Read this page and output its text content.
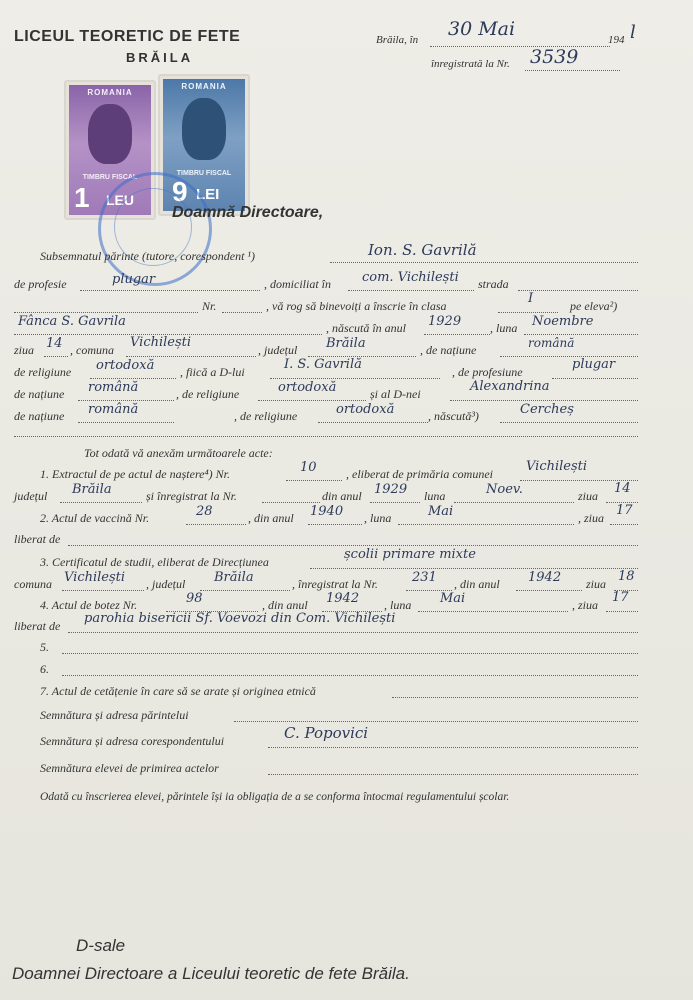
LICEUL TEORETIC DE FETE
BRĂILA
Brăila, în 30 Mai	194 l
înregistrată la Nr. 3539
ROMANIA
TIMBRU FISCAL
1 LEU
ROMANIA
TIMBRU FISCAL
9 LEI
Doamnă Directoare,
Subsemnatul părinte (tutore, corespondent ¹)	Ion. S. Gavrilă
de profesie	plugar	, domiciliat în com. Vichilești strada
Nr.	, vă rog să binevoiți a înscrie în clasa	I	pe eleva²)
Fânca S. Gavrila	, născută în anul 1929 , luna Noembre
ziua 14 , comuna Vichilești	, județul Brăila	, de națiune	română
de religiune ortodoxă , fiică a D-lui	I. S. Gavrilă	, de profesiune	plugar
de națiune română	, de religiune	ortodoxă	și al D-nei	Alexandrina
de națiune română	, de religiune	ortodoxă	, născută³)	Cercheș
Tot odată vă anexăm următoarele acte:
1. Extractul de pe actul de naștere⁴) Nr.	10 , eliberat de primăria comunei	Vichilești
județul Brăila	și înregistrat la Nr.	din anul 1929 luna	Noev.	ziua 14
2. Actul de vaccină Nr.	28	, din anul 1940 , luna	Mai	, ziua 17
liberat de
3. Certificatul de studii, eliberat de Direcțiunea	școlii primare mixte
comuna Vichilești , județul Brăila	, înregistrat la Nr.	231 , din anul 1942 ziua 18
4. Actul de botez Nr.	98	, din anul 1942 , luna Mai	, ziua 17
liberat de parohia bisericii Sf. Voevozi din Com. Vichilești
5.
6.
7. Actul de cetățenie în care să se arate și originea etnică
Semnătura și adresa părintelui
Semnătura și adresa corespondentului	C. Popovici
Semnătura elevei de primirea actelor
Odată cu înscrierea elevei, părintele își ia obligația de a se conforma întocmai regulamentului școlar.
D-sale
Doamnei Directoare a Liceului teoretic de fete Brăila.
